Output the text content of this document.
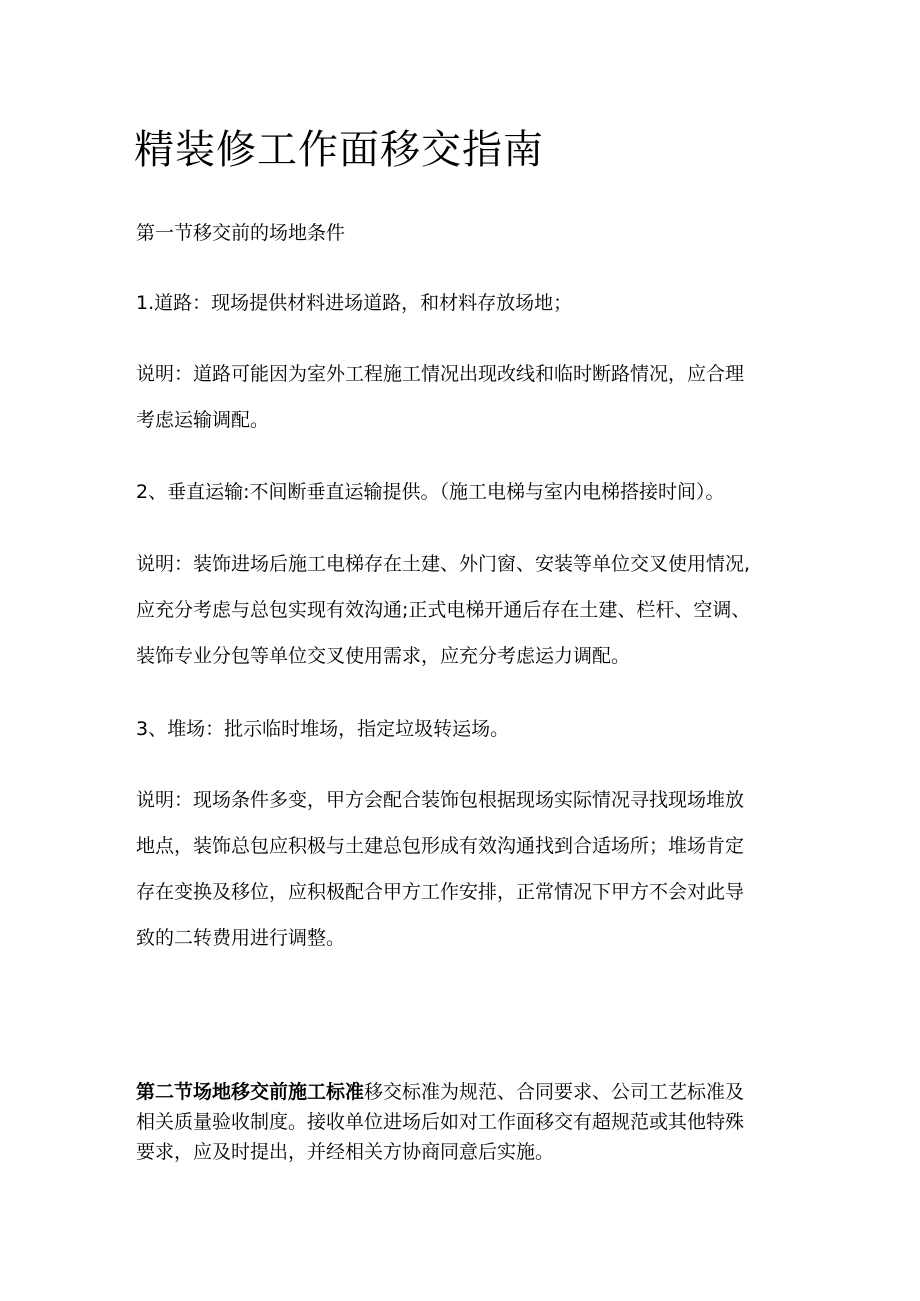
精装修工作面移交指南

第一节移交前的场地条件

1.道路：现场提供材料进场道路，和材料存放场地；

说明：道路可能因为室外工程施工情况出现改线和临时断路情况，应合理
考虑运输调配。

2、垂直运输:不间断垂直运输提供。（施工电梯与室内电梯搭接时间）。

说明：装饰进场后施工电梯存在土建、外门窗、安装等单位交叉使用情况,
应充分考虑与总包实现有效沟通;正式电梯开通后存在土建、栏杆、空调、
装饰专业分包等单位交叉使用需求，应充分考虑运力调配。

3、堆场：批示临时堆场，指定垃圾转运场。

说明：现场条件多变，甲方会配合装饰包根据现场实际情况寻找现场堆放
地点，装饰总包应积极与土建总包形成有效沟通找到合适场所；堆场肯定
存在变换及移位，应积极配合甲方工作安排，正常情况下甲方不会对此导
致的二转费用进行调整。

第二节场地移交前施工标准移交标准为规范、合同要求、公司工艺标准及
相关质量验收制度。接收单位进场后如对工作面移交有超规范或其他特殊
要求，应及时提出，并经相关方协商同意后实施。
